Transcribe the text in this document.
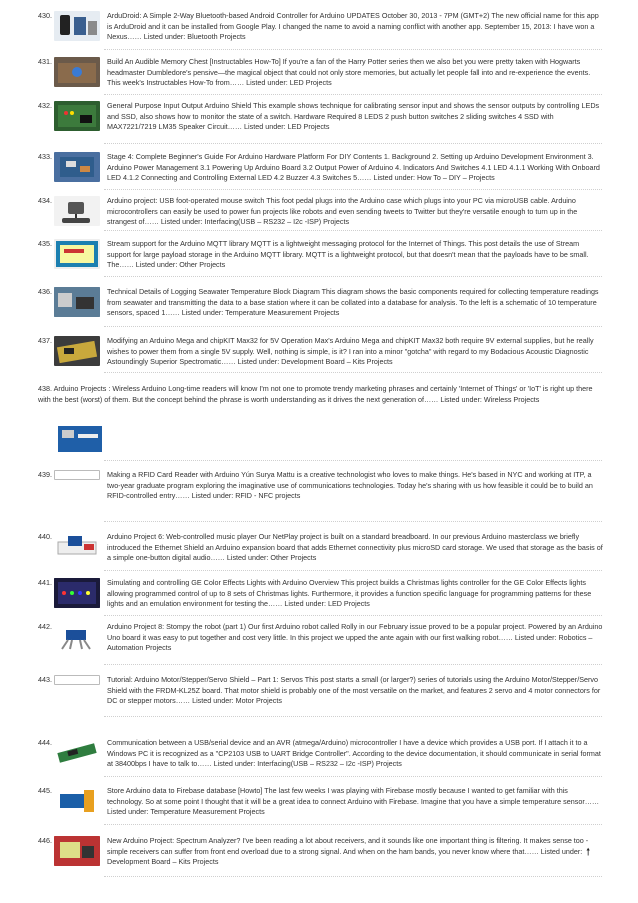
430.	ArduDroid: A Simple 2-Way Bluetooth-based Android Controller for Arduino UPDATES October 30, 2013 - 7PM (GMT+2) The new official name for this app is ArduDroid and it can be installed from Google Play. I changed the name to avoid a naming conflict with another app. September 15, 2013: I have won a Nexus…… Listed under: Bluetooth Projects
431.	Build An Audible Memory Chest [Instructables How-To] If you're a fan of the Harry Potter series then we also bet you were pretty taken with Hogwarts headmaster Dumbledore's pensive—the magical object that could not only store memories, but actually let people fall into and re-experience the events. This week's Instructables How-To from…… Listed under: LED Projects
432.	General Purpose Input Output Arduino Shield This example shows technique for calibrating sensor input and shows the sensor outputs by controlling LEDs and SSD, also shows how to monitor the state of a switch. Hardware Required 8 LEDS 2 push button switches 2 sliding switches 4 SSD with MAX7221/7219 LM35 Speaker Circuit…… Listed under: LED Projects
433.	Stage 4: Complete Beginner's Guide For Arduino Hardware Platform For DIY Contents 1. Background 2. Setting up Arduino Development Environment 3. Arduino Power Management 3.1 Powering Up Arduino Board 3.2 Output Power of Arduino 4. Indicators And Switches 4.1 LED 4.1.1 Working With Onboard LED 4.1.2 Connecting and Controlling External LED 4.2 Buzzer 4.3 Switches 5…… Listed under: How To – DIY – Projects
434.	Arduino project: USB foot-operated mouse switch This foot pedal plugs into the Arduino case which plugs into your PC via microUSB cable. Arduino microcontrollers can easily be used to power fun projects like robots and even sending tweets to Twitter but they're versatile enough to turn up in the strangest of…… Listed under: Interfacing(USB – RS232 – I2c -ISP) Projects
435.	Stream support for the Arduino MQTT library MQTT is a lightweight messaging protocol for the Internet of Things. This post details the use of Stream support for large payload storage in the Arduino MQTT library. MQTT is a lightweight protocol, but that doesn't mean that the payloads have to be small. The…… Listed under: Other Projects
436.	Technical Details of Logging Seawater Temperature Block Diagram This diagram shows the basic components required for collecting temperature readings from seawater and transmitting the data to a base station where it can be collated into a database for analysis. To the left is a schematic of 10 temperature sensors, spaced 1…… Listed under: Temperature Measurement Projects
437.	Modifying an Arduino Mega and chipKIT Max32 for 5V Operation Max's Arduino Mega and chipKIT Max32 both require 9V external supplies, but he really wishes to power them from a single 5V supply. Well, nothing is simple, is it? I ran into a minor "gotcha" with regard to my Bodacious Acoustic Diagnostic Astoundingly Superior Spectromatic…… Listed under: Development Board – Kits Projects
438. Arduino Projects : Wireless Arduino Long-time readers will know I'm not one to promote trendy marketing phrases and certainly 'Internet of Things' or 'IoT' is right up there with the best (worst) of them. But the concept behind the phrase is worth understanding as it drives the next generation of…… Listed under: Wireless Projects
439.	Making a RFID Card Reader with Arduino Yún Surya Mattu is a creative technologist who loves to make things. He's based in NYC and working at ITP, a two-year graduate program exploring the imaginative use of communications technologies. Today he's sharing with us how feasible it could be to build an RFID-controlled entry…… Listed under: RFID - NFC projects
440.	Arduino Project 6: Web-controlled music player Our NetPlay project is built on a standard breadboard. In our previous Arduino masterclass we briefly introduced the Ethernet Shield an Arduino expansion board that adds Ethernet connectivity plus microSD card storage. We used that storage as the basis of a simple one-button digital audio…… Listed under: Other Projects
441.	Simulating and controlling GE Color Effects Lights with Arduino Overview This project builds a Christmas lights controller for the GE Color Effects lights allowing programmed control of up to 8 sets of Christmas lights. Furthermore, it provides a function specific language for programming patterns for these lights and an emulation environment for testing the…… Listed under: LED Projects
442.	Arduino Project 8: Stompy the robot (part 1) Our first Arduino robot called Rolly in our February issue proved to be a popular project. Powered by an Arduino Uno board it was easy to put together and cost very little. In this project we upped the ante again with our first walking robot…… Listed under: Robotics – Automation Projects
443.	Tutorial: Arduino Motor/Stepper/Servo Shield – Part 1: Servos This post starts a small (or larger?) series of tutorials using the Arduino Motor/Stepper/Servo Shield with the FRDM-KL25Z board. That motor shield is probably one of the most versatile on the market, and features 2 servo and 4 motor connectors for DC or stepper motors…… Listed under: Motor Projects
444.	Communication between a USB/serial device and an AVR (atmega/Arduino) microcontroller I have a device which provides a USB port. If I attach it to a Windows PC it is recognized as a "CP2103 USB to UART Bridge Controller". According to the device documentation, it should communicate in serial format at 38400bps I have to talk to…… Listed under: Interfacing(USB – RS232 – I2c -ISP) Projects
445.	Store Arduino data to Firebase database [Howto] The last few weeks I was playing with Firebase mostly because I wanted to get familiar with this technology. So at some point I thought that it will be a great idea to connect Arduino with Firebase. Imagine that you have a simple temperature sensor…… Listed under: Temperature Measurement Projects
446.	New Arduino Project: Spectrum Analyzer? I've been reading a lot about receivers, and it sounds like one important thing is filtering. It makes sense too - simple receivers can suffer from front end overload due to a strong signal. And when on the ham bands, you never know where that…… Listed under: Development Board – Kits Projects
🠕
